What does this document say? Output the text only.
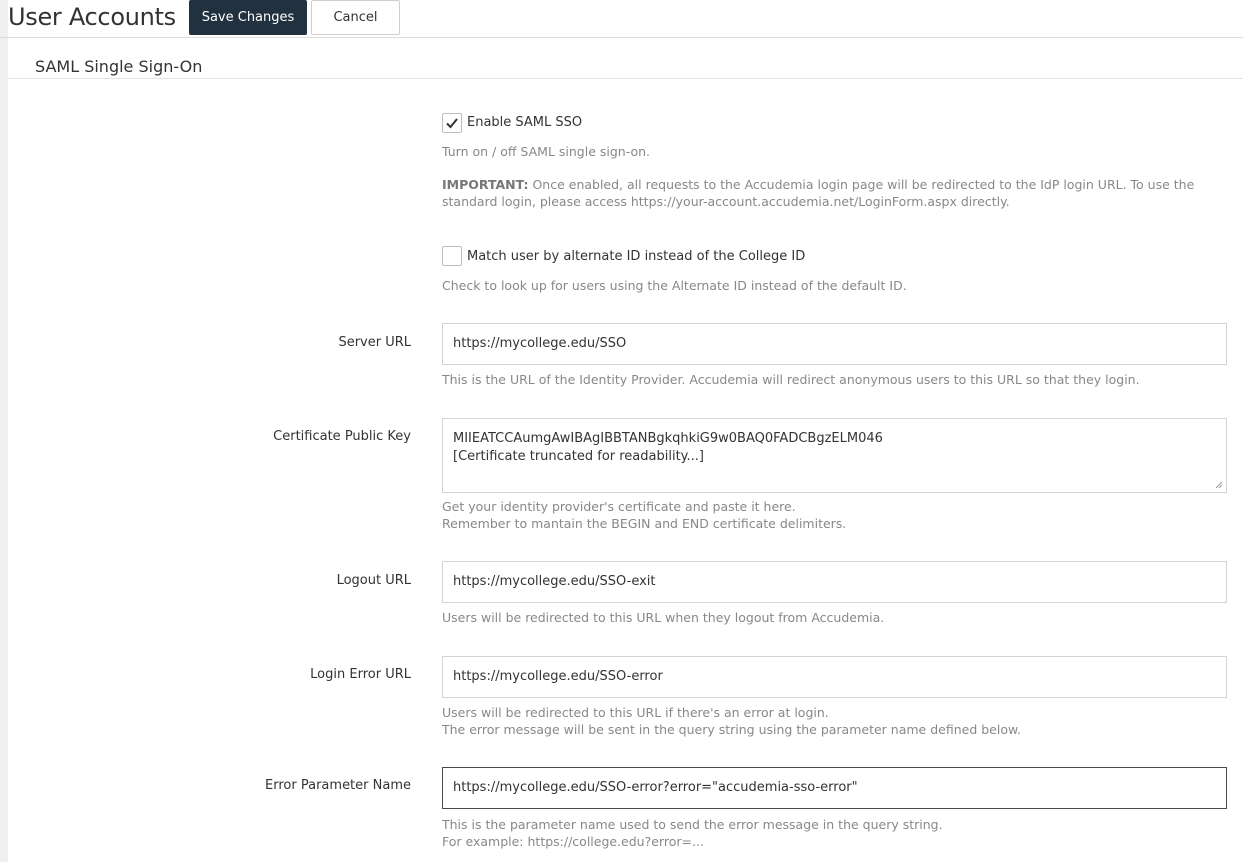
User Accounts	Save Changes	Cancel
SAML Single Sign-On
Enable SAML SSO
Turn on / off SAML single sign-on.
IMPORTANT: Once enabled, all requests to the Accudemia login page will be redirected to the IdP login URL. To use the
standard login, please access https://your-account.accudemia.net/LoginForm.aspx directly.
Match user by alternate ID instead of the College ID
Check to look up for users using the Alternate ID instead of the default ID.
Server URL	https://mycollege.edu/SSO
This is the URL of the Identity Provider. Accudemia will redirect anonymous users to this URL so that they login.
Certificate Public Key	MIIEATCCAumgAwIBAgIBBTANBgkqhkiG9w0BAQ0FADCBgzELM046
[Certificate truncated for readability...]
Get your identity provider's certificate and paste it here.
Remember to mantain the BEGIN and END certificate delimiters.
Logout URL	https://mycollege.edu/SSO-exit
Users will be redirected to this URL when they logout from Accudemia.
Login Error URL	https://mycollege.edu/SSO-error
Users will be redirected to this URL if there's an error at login.
The error message will be sent in the query string using the parameter name defined below.
Error Parameter Name	https://mycollege.edu/SSO-error?error="accudemia-sso-error"
This is the parameter name used to send the error message in the query string.
For example: https://college.edu?error=...
